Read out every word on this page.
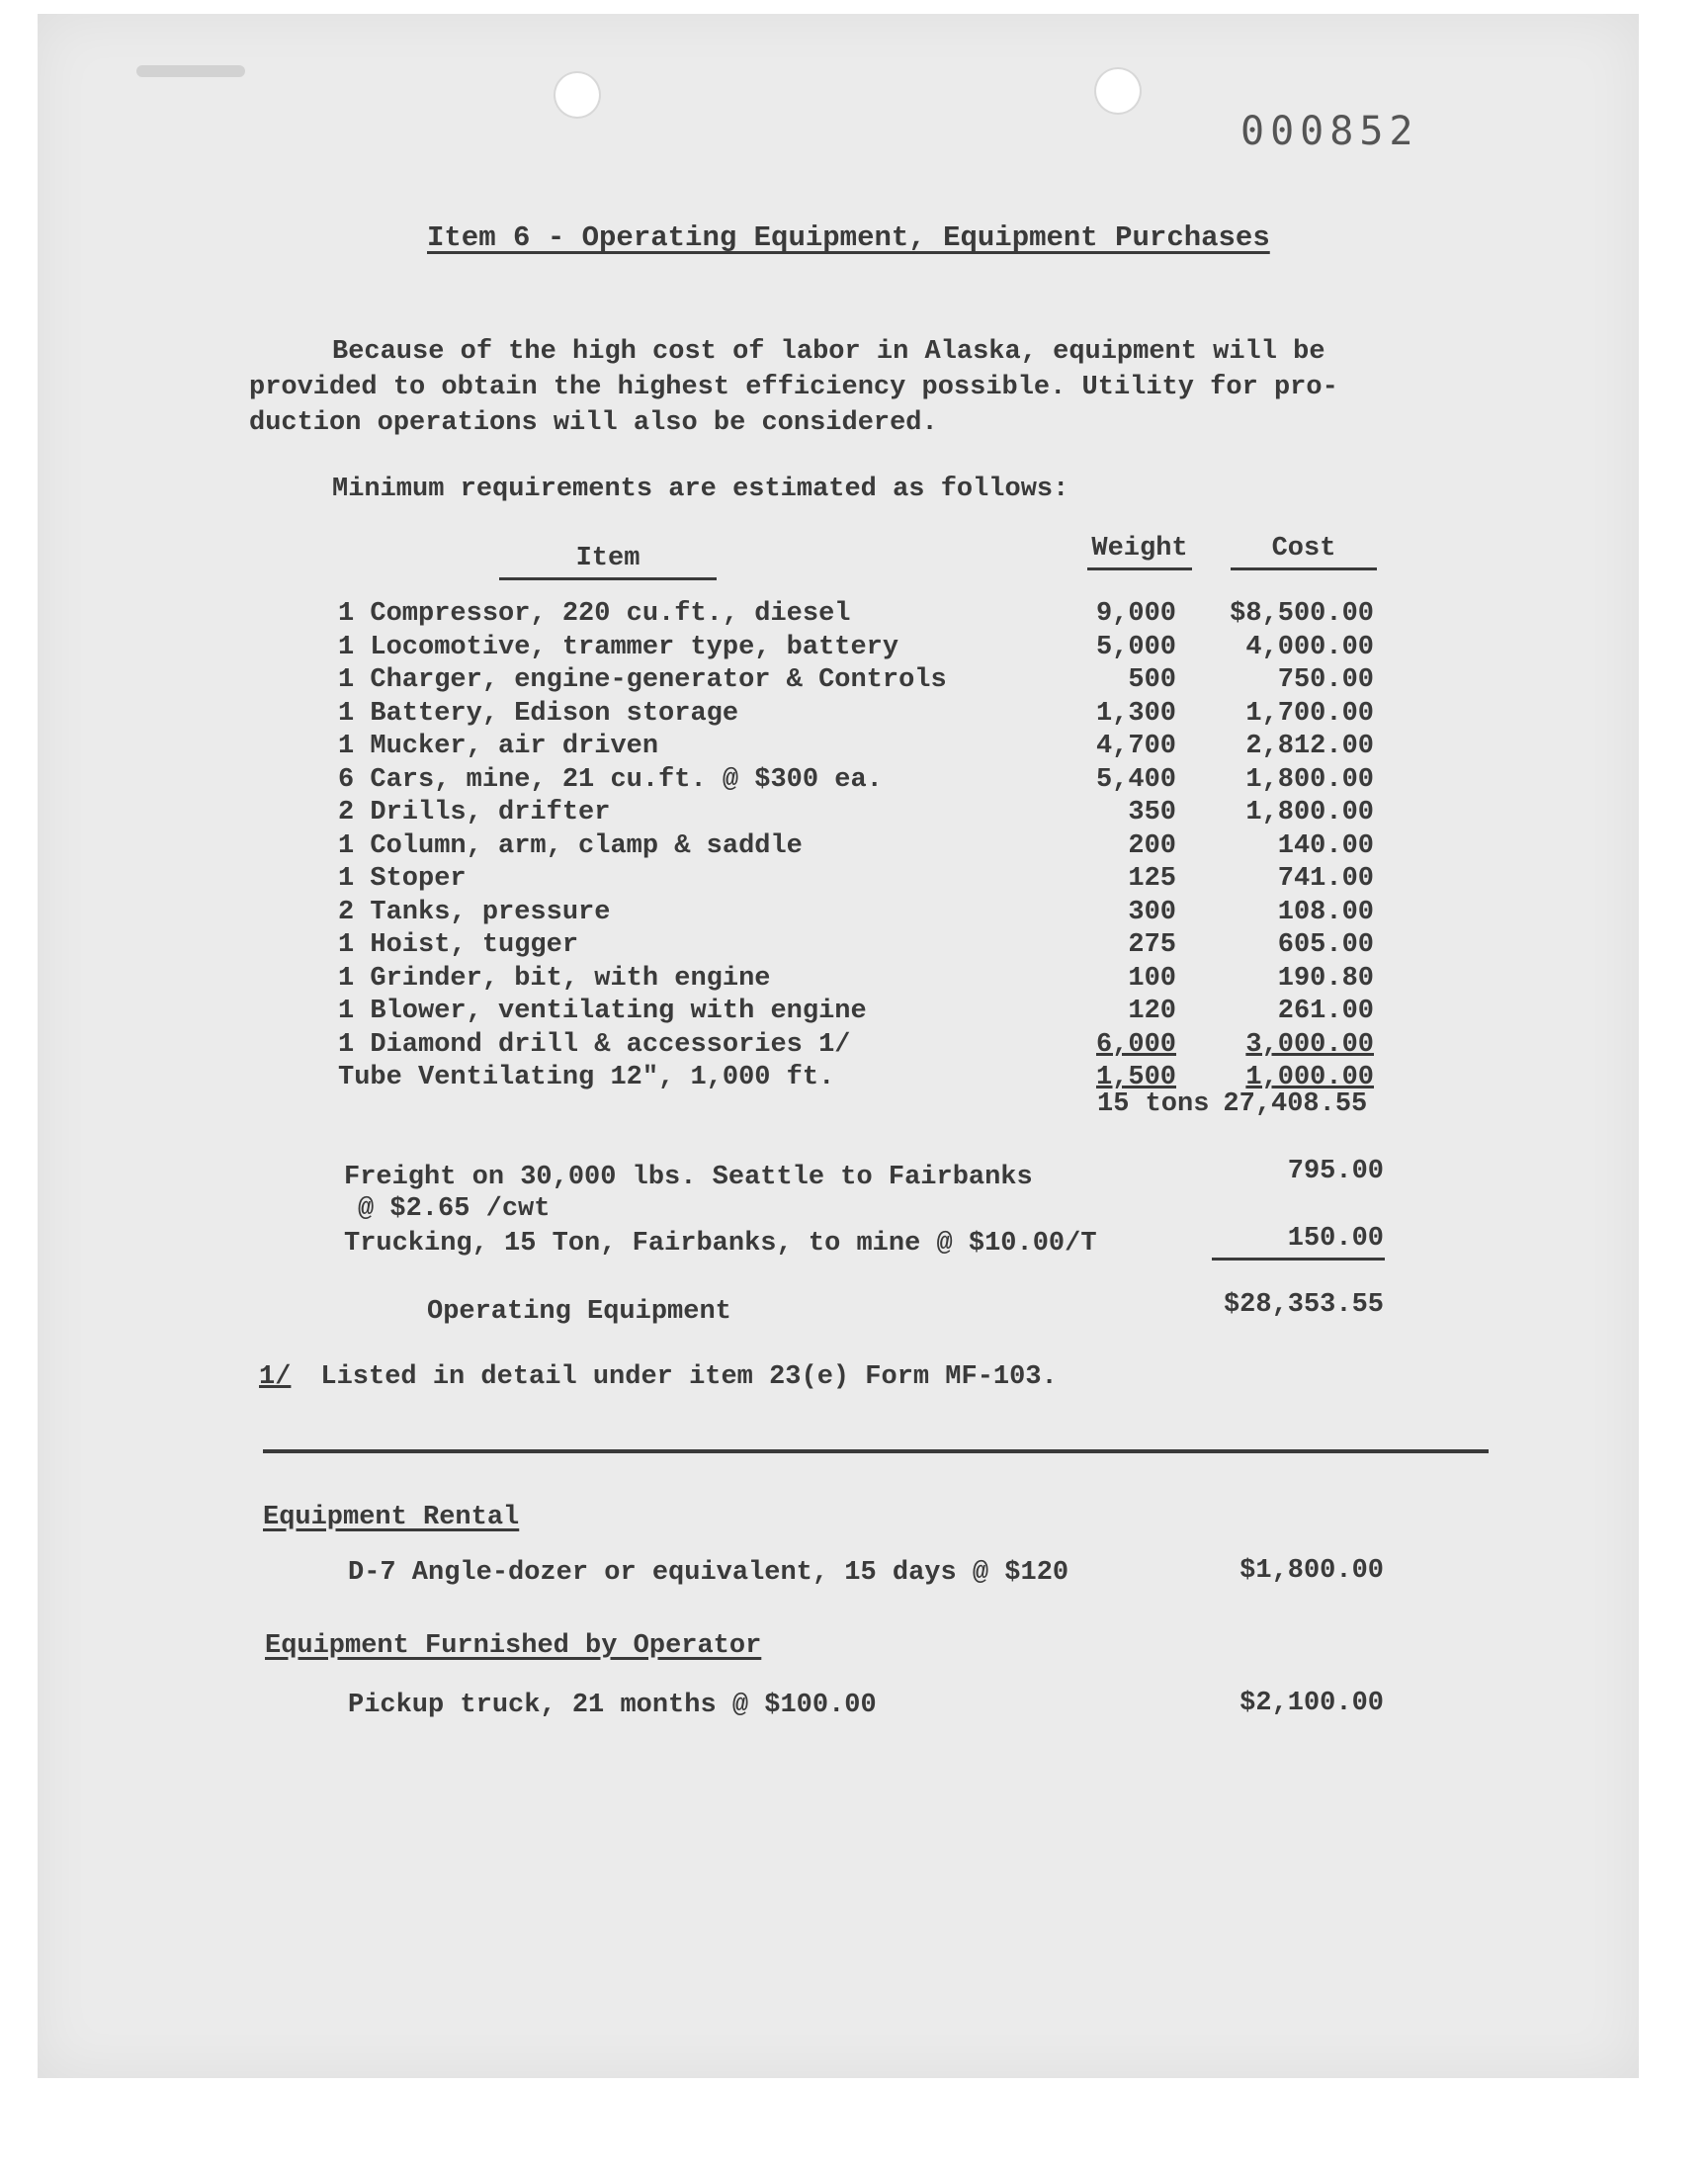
000852
Item 6 - Operating Equipment, Equipment Purchases
Because of the high cost of labor in Alaska, equipment will be
provided to obtain the highest efficiency possible. Utility for pro-
duction operations will also be considered.
Minimum requirements are estimated as follows:
Item	Weight	Cost
1 Compressor, 220 cu.ft., diesel	9,000	$8,500.00
1 Locomotive, trammer type, battery	5,000	4,000.00
1 Charger, engine-generator & Controls	500	750.00
1 Battery, Edison storage	1,300	1,700.00
1 Mucker, air driven	4,700	2,812.00
6 Cars, mine, 21 cu.ft. @ $300 ea.	5,400	1,800.00
2 Drills, drifter	350	1,800.00
1 Column, arm, clamp & saddle	200	140.00
1 Stoper	125	741.00
2 Tanks, pressure	300	108.00
1 Hoist, tugger	275	605.00
1 Grinder, bit, with engine	100	190.80
1 Blower, ventilating with engine	120	261.00
1 Diamond drill & accessories 1/	6,000	3,000.00
Tube Ventilating 12", 1,000 ft.	1,500	1,000.00
15 tons 27,408.55
Freight on 30,000 lbs. Seattle to Fairbanks
@ $2.65 /cwt
795.00
Trucking, 15 Ton, Fairbanks, to mine @ $10.00/T	150.00
Operating Equipment	$28,353.55
1/ Listed in detail under item 23(e) Form MF-103.
Equipment Rental
D-7 Angle-dozer or equivalent, 15 days @ $120	$1,800.00
Equipment Furnished by Operator
Pickup truck, 21 months @ $100.00	$2,100.00
